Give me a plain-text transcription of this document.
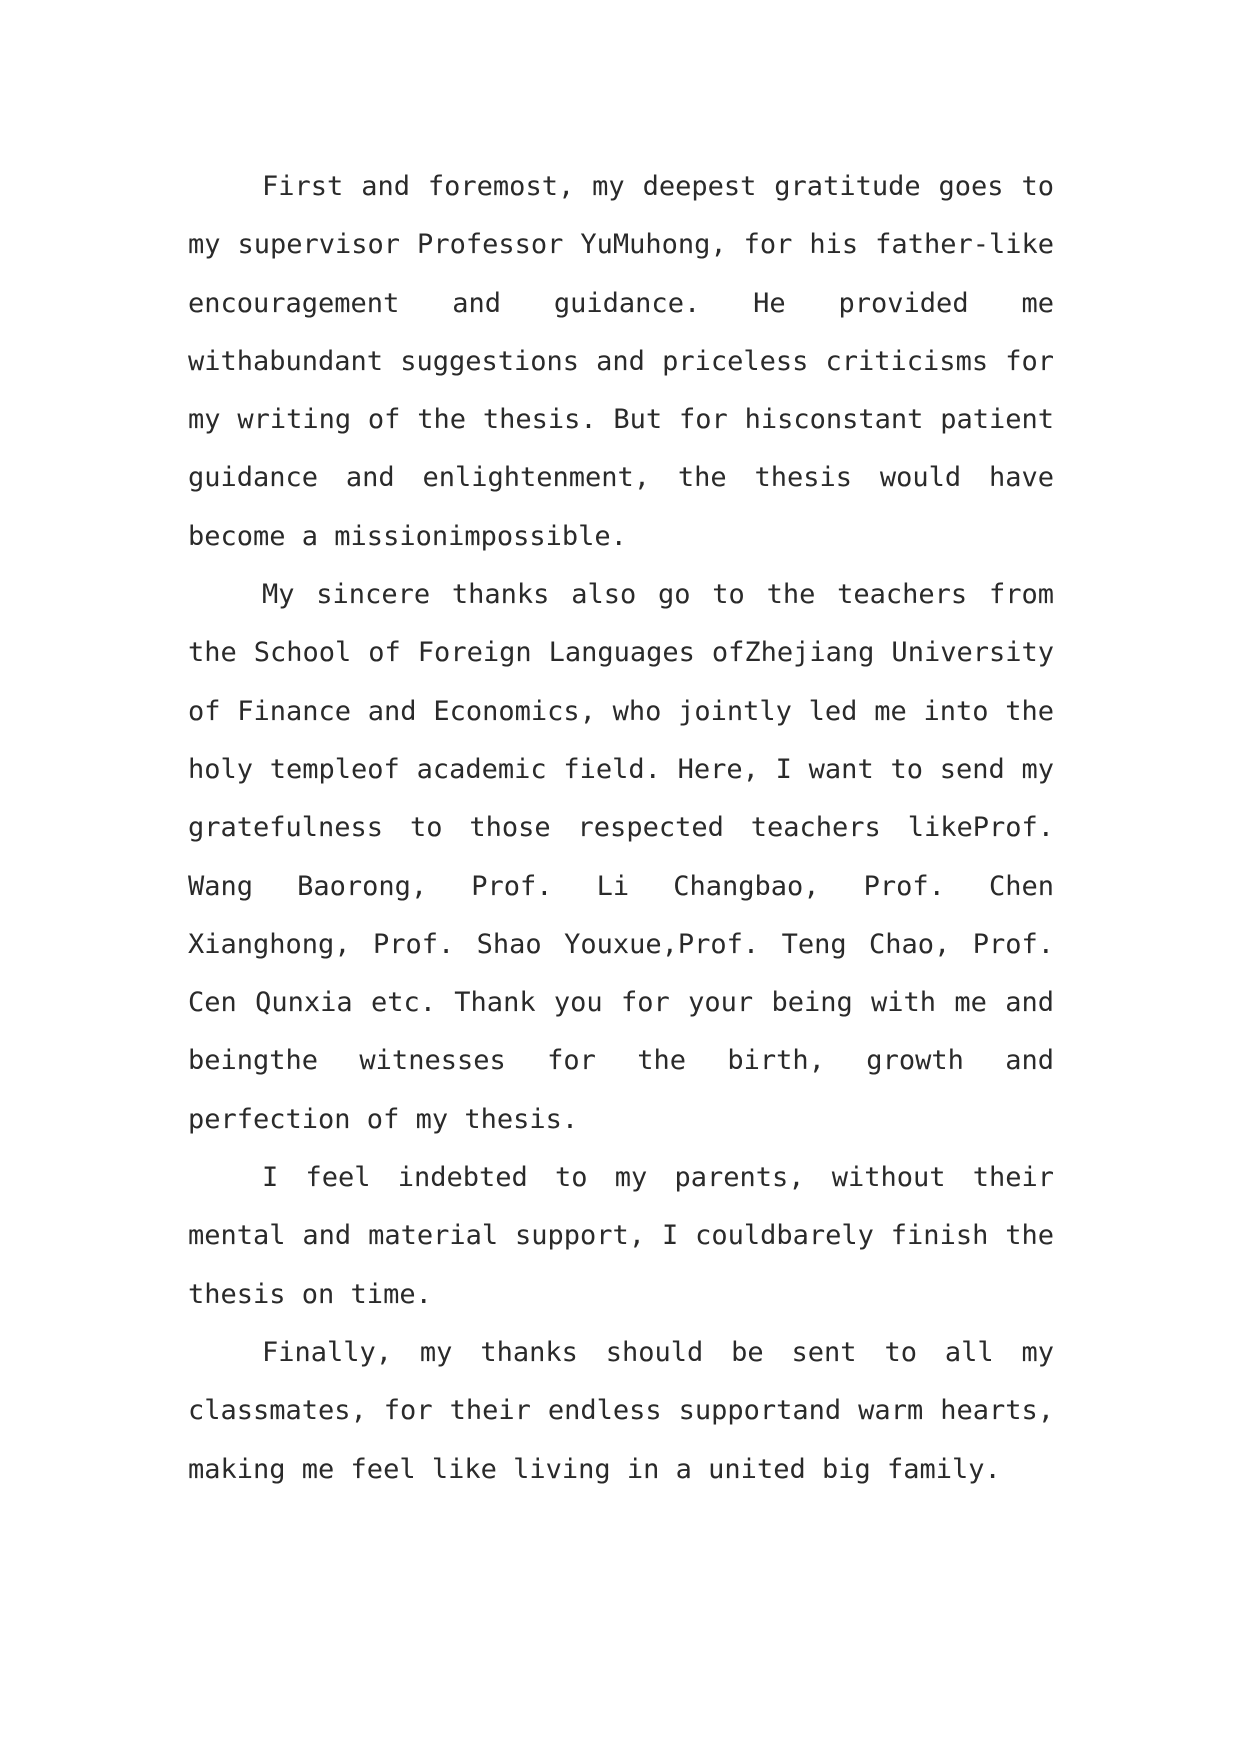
First and foremost, my deepest gratitude goes to my supervisor Professor YuMuhong, for his father-like encouragement and guidance. He provided me withabundant suggestions and priceless criticisms for my writing of the thesis. But for hisconstant patient guidance and enlightenment, the thesis would have become a missionimpossible.

My sincere thanks also go to the teachers from the School of Foreign Languages ofZhejiang University of Finance and Economics, who jointly led me into the holy templeof academic field. Here, I want to send my gratefulness to those respected teachers likeProf. Wang Baorong, Prof. Li Changbao, Prof. Chen Xianghong, Prof. Shao Youxue,Prof. Teng Chao, Prof. Cen Qunxia etc. Thank you for your being with me and beingthe witnesses for the birth, growth and perfection of my thesis.

I feel indebted to my parents, without their mental and material support, I couldbarely finish the thesis on time.

Finally, my thanks should be sent to all my classmates, for their endless supportand warm hearts, making me feel like living in a united big family.
